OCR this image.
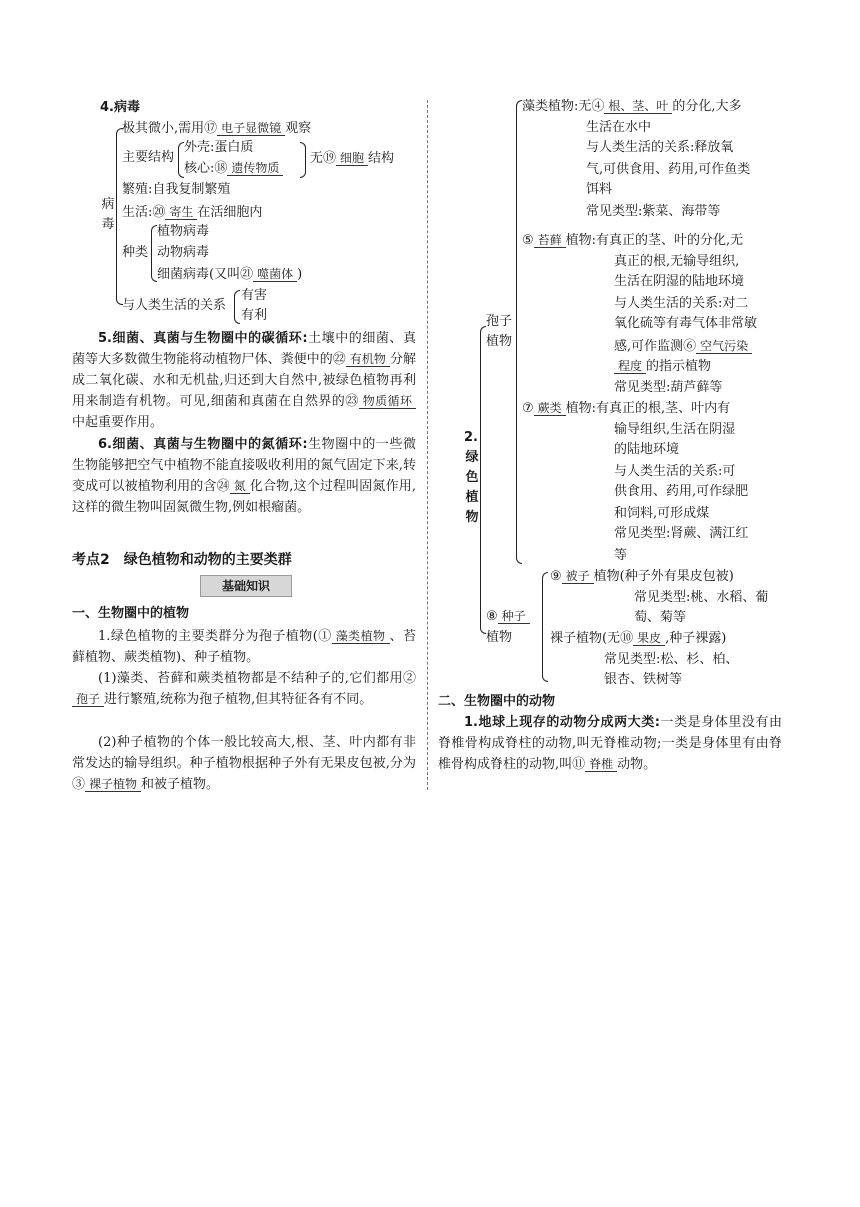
4.病毒
病
毒
极其微小,需用⑰ 电子显微镜 观察
主要结构
外壳:蛋白质
核心:⑱ 遗传物质
无⑲ 细胞 结构
繁殖:自我复制繁殖
生活:⑳ 寄生 在活细胞内
种类
植物病毒
动物病毒
细菌病毒(又叫㉑ 噬菌体 )
与人类生活的关系
有害
有利
5.细菌、真菌与生物圈中的碳循环:土壤中的细菌、真菌等大多数微生物能将动植物尸体、粪便中的㉒ 有机物 分解成二氧化碳、水和无机盐,归还到大自然中,被绿色植物再利用来制造有机物。可见,细菌和真菌在自然界的㉓ 物质循环中起重要作用。
6.细菌、真菌与生物圈中的氮循环:生物圈中的一些微生物能够把空气中植物不能直接吸收利用的氮气固定下来,转变成可以被植物利用的含㉔ 氮 化合物,这个过程叫固氮作用,这样的微生物叫固氮微生物,例如根瘤菌。
考点2　绿色植物和动物的主要类群
基础知识
一、生物圈中的植物
1.绿色植物的主要类群分为孢子植物(① 藻类植物 、苔藓植物、蕨类植物)、种子植物。
(1)藻类、苔藓和蕨类植物都是不结种子的,它们都用②孢子 进行繁殖,统称为孢子植物,但其特征各有不同。
(2)种子植物的个体一般比较高大,根、茎、叶内都有非常发达的输导组织。种子植物根据种子外有无果皮包被,分为③ 裸子植物 和被子植物。
2.
绿
色
植
物
孢子
植物
藻类植物:无④ 根、茎、叶 的分化,大多
生活在水中
与人类生活的关系:释放氧
气,可供食用、药用,可作鱼类
饵料
常见类型:紫菜、海带等
⑤ 苔藓 植物:有真正的茎、叶的分化,无
真正的根,无输导组织,
生活在阴湿的陆地环境
与人类生活的关系:对二
氧化硫等有毒气体非常敏
感,可作监测⑥ 空气污染
程度 的指示植物
常见类型:葫芦藓等
⑦ 蕨类 植物:有真正的根,茎、叶内有
输导组织,生活在阴湿
的陆地环境
与人类生活的关系:可
供食用、药用,可作绿肥
和饲料,可形成煤
常见类型:肾蕨、满江红
等
⑧ 种子
植物
⑨ 被子 植物(种子外有果皮包被)
常见类型:桃、水稻、葡
萄、菊等
裸子植物(无⑩ 果皮 ,种子裸露)
常见类型:松、杉、柏、
银杏、铁树等
二、生物圈中的动物
1.地球上现存的动物分成两大类:一类是身体里没有由脊椎骨构成脊柱的动物,叫无脊椎动物;一类是身体里有由脊椎骨构成脊柱的动物,叫⑪ 脊椎 动物。
